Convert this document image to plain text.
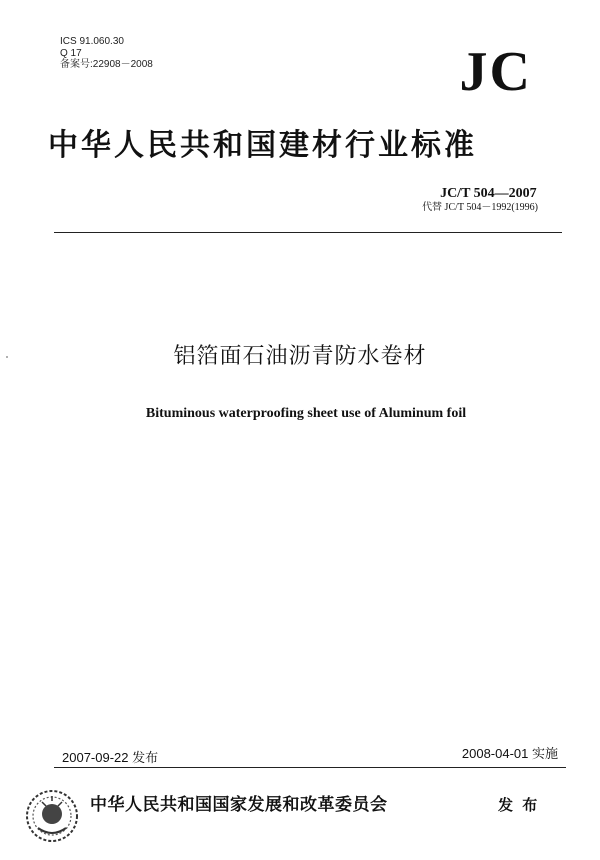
ICS 91.060.30
Q 17
备案号:22908－2008	JC
中华人民共和国建材行业标准
JC/T 504—2007
代替 JC/T 504－1992(1996)
铝箔面石油沥青防水卷材
Bituminous waterproofing sheet use of Aluminum foil
2007-09-22 发布	2008-04-01 实施
中华人民共和国国家发展和改革委员会	发 布
